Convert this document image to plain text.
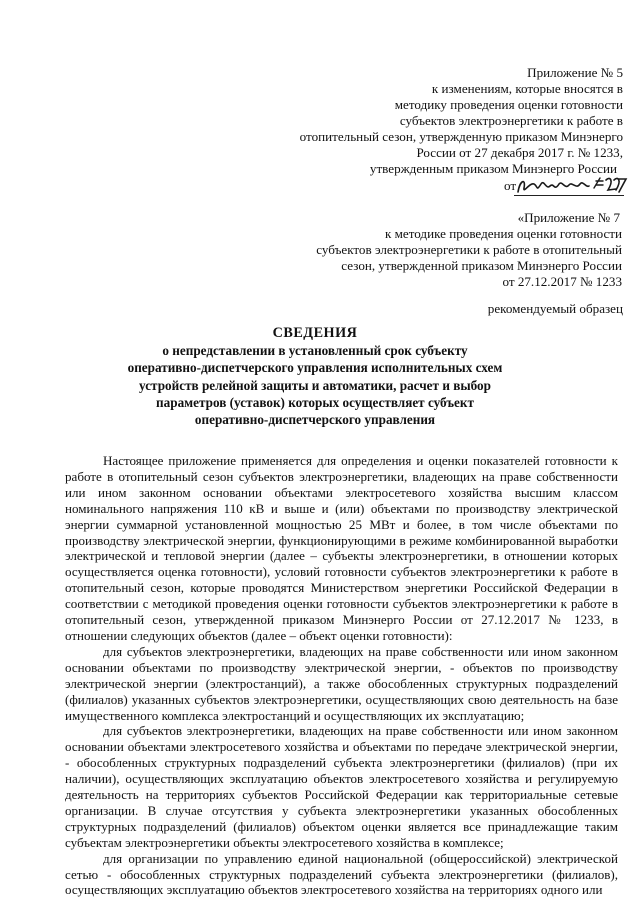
Приложение № 5
к изменениям, которые вносятся в
методику проведения оценки готовности
субъектов электроэнергетики к работе в
отопительный сезон, утвержденную приказом Минэнерго
России от 27 декабря 2017 г. № 1233,
утвержденным приказом Минэнерго России
от
«Приложение № 7
к методике проведения оценки готовности
субъектов электроэнергетики к работе в отопительный
сезон, утвержденной приказом Минэнерго России
от 27.12.2017 № 1233
рекомендуемый образец
СВЕДЕНИЯ
о непредставлении в установленный срок субъекту
оперативно-диспетчерского управления исполнительных схем
устройств релейной защиты и автоматики, расчет и выбор
параметров (уставок) которых осуществляет субъект
оперативно-диспетчерского управления

Настоящее приложение применяется для определения и оценки показателей готовности к работе в отопительный сезон субъектов электроэнергетики, владеющих на праве собственности или ином законном основании объектами электросетевого хозяйства высшим классом номинального напряжения 110 кВ и выше и (или) объектами по производству электрической энергии суммарной установленной мощностью 25 МВт и более, в том числе объектами по производству электрической энергии, функционирующими в режиме комбинированной выработки электрической и тепловой энергии (далее – субъекты электроэнергетики, в отношении которых осуществляется оценка готовности), условий готовности субъектов электроэнергетики к работе в отопительный сезон, которые проводятся Министерством энергетики Российской Федерации в соответствии с методикой проведения оценки готовности субъектов электроэнергетики к работе в отопительный сезон, утвержденной приказом Минэнерго России от 27.12.2017 № 1233, в отношении следующих объектов (далее – объект оценки готовности):

для субъектов электроэнергетики, владеющих на праве собственности или ином законном основании объектами по производству электрической энергии, - объектов по производству электрической энергии (электростанций), а также обособленных структурных подразделений (филиалов) указанных субъектов электроэнергетики, осуществляющих свою деятельность на базе имущественного комплекса электростанций и осуществляющих их эксплуатацию;

для субъектов электроэнергетики, владеющих на праве собственности или ином законном основании объектами электросетевого хозяйства и объектами по передаче электрической энергии, - обособленных структурных подразделений субъекта электроэнергетики (филиалов) (при их наличии), осуществляющих эксплуатацию объектов электросетевого хозяйства и регулируемую деятельность на территориях субъектов Российской Федерации как территориальные сетевые организации. В случае отсутствия у субъекта электроэнергетики указанных обособленных структурных подразделений (филиалов) объектом оценки является все принадлежащие таким субъектам электроэнергетики объекты электросетевого хозяйства в комплексе;

для организации по управлению единой национальной (общероссийской) электрической сетью - обособленных структурных подразделений субъекта электроэнергетики (филиалов), осуществляющих эксплуатацию объектов электросетевого хозяйства на территориях одного или
